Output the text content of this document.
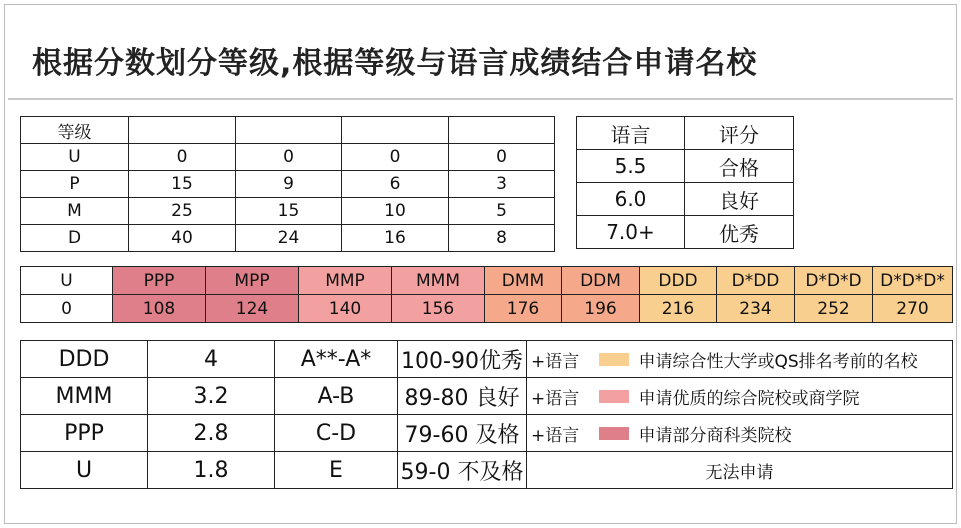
根据分数划分等级,根据等级与语言成绩结合申请名校
等级				
U	0	0	0	0
P	15	9	6	3
M	25	15	10	5
D	40	24	16	8
语言	评分
5.5	合格
6.0	良好
7.0+	优秀
U	PPP	MPP	MMP	MMM	DMM	DDM	DDD	D*DD	D*D*D	D*D*D*
0	108	124	140	156	176	196	216	234	252	270
DDD	4	A**-A*	100-90优秀	+语言	申请综合性大学或QS排名考前的名校
MMM	3.2	A-B	89-80 良好	+语言	申请优质的综合院校或商学院
PPP	2.8	C-D	79-60 及格	+语言	申请部分商科类院校
U	1.8	E	59-0 不及格	无法申请	
